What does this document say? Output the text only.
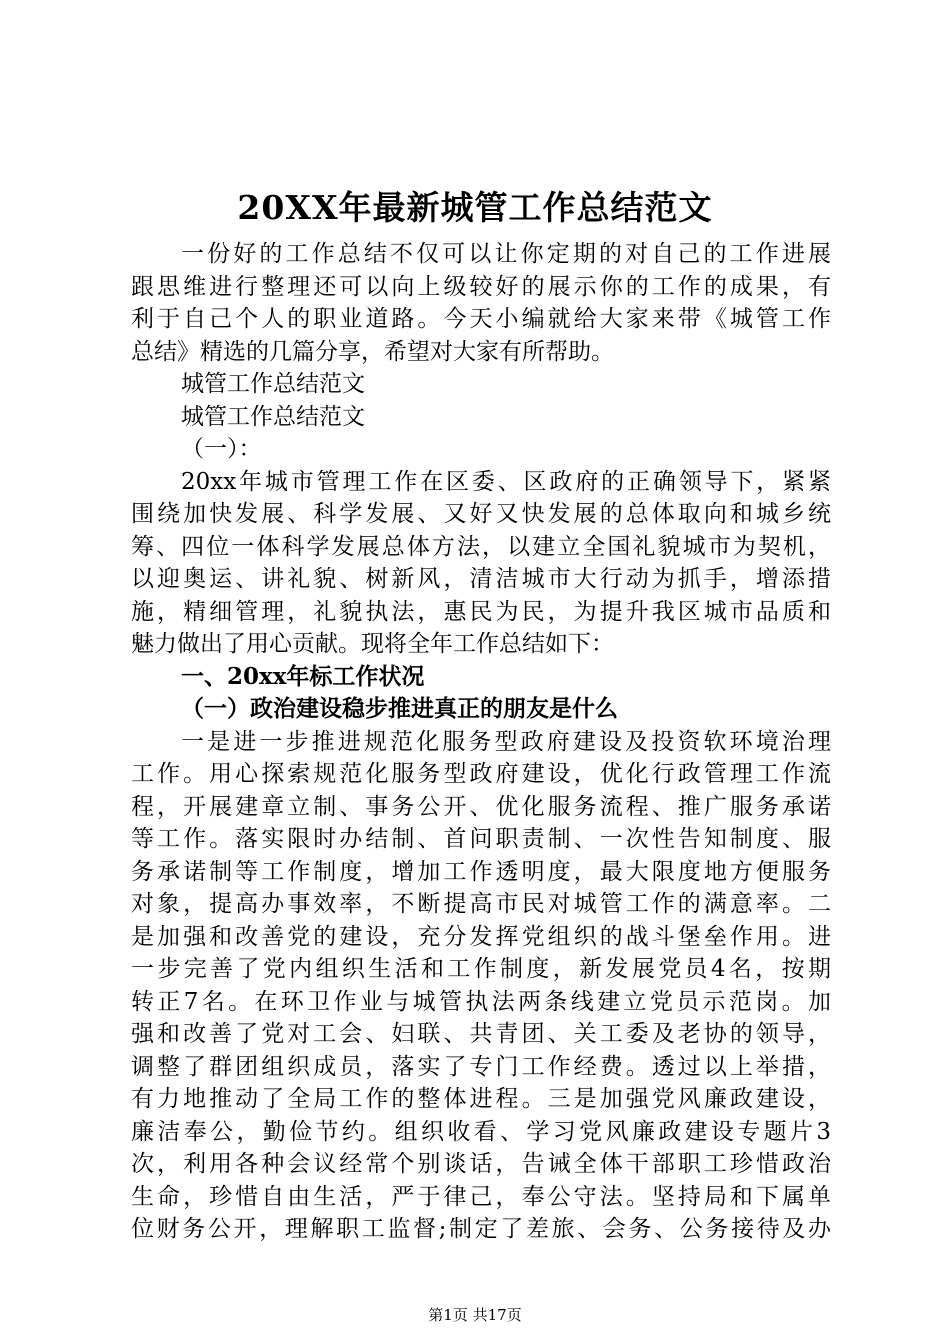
20XX年最新城管工作总结范文
一份好的工作总结不仅可以让你定期的对自己的工作进展
跟思维进行整理还可以向上级较好的展示你的工作的成果，有
利于自己个人的职业道路。今天小编就给大家来带《城管工作
总结》精选的几篇分享，希望对大家有所帮助。
城管工作总结范文
城管工作总结范文
（一）：
20xx年城市管理工作在区委、区政府的正确领导下，紧紧
围绕加快发展、科学发展、又好又快发展的总体取向和城乡统
筹、四位一体科学发展总体方法，以建立全国礼貌城市为契机，
以迎奥运、讲礼貌、树新风，清洁城市大行动为抓手，增添措
施，精细管理，礼貌执法，惠民为民，为提升我区城市品质和
魅力做出了用心贡献。现将全年工作总结如下：
一、20xx年标工作状况
（一）政治建设稳步推进真正的朋友是什么
一是进一步推进规范化服务型政府建设及投资软环境治理
工作。用心探索规范化服务型政府建设，优化行政管理工作流
程，开展建章立制、事务公开、优化服务流程、推广服务承诺
等工作。落实限时办结制、首问职责制、一次性告知制度、服
务承诺制等工作制度，增加工作透明度，最大限度地方便服务
对象，提高办事效率，不断提高市民对城管工作的满意率。二
是加强和改善党的建设，充分发挥党组织的战斗堡垒作用。进
一步完善了党内组织生活和工作制度，新发展党员4名，按期
转正7名。在环卫作业与城管执法两条线建立党员示范岗。加
强和改善了党对工会、妇联、共青团、关工委及老协的领导，
调整了群团组织成员，落实了专门工作经费。透过以上举措，
有力地推动了全局工作的整体进程。三是加强党风廉政建设，
廉洁奉公，勤俭节约。组织收看、学习党风廉政建设专题片3
次，利用各种会议经常个别谈话，告诫全体干部职工珍惜政治
生命，珍惜自由生活，严于律己，奉公守法。坚持局和下属单
位财务公开，理解职工监督;制定了差旅、会务、公务接待及办
第1页 共17页
